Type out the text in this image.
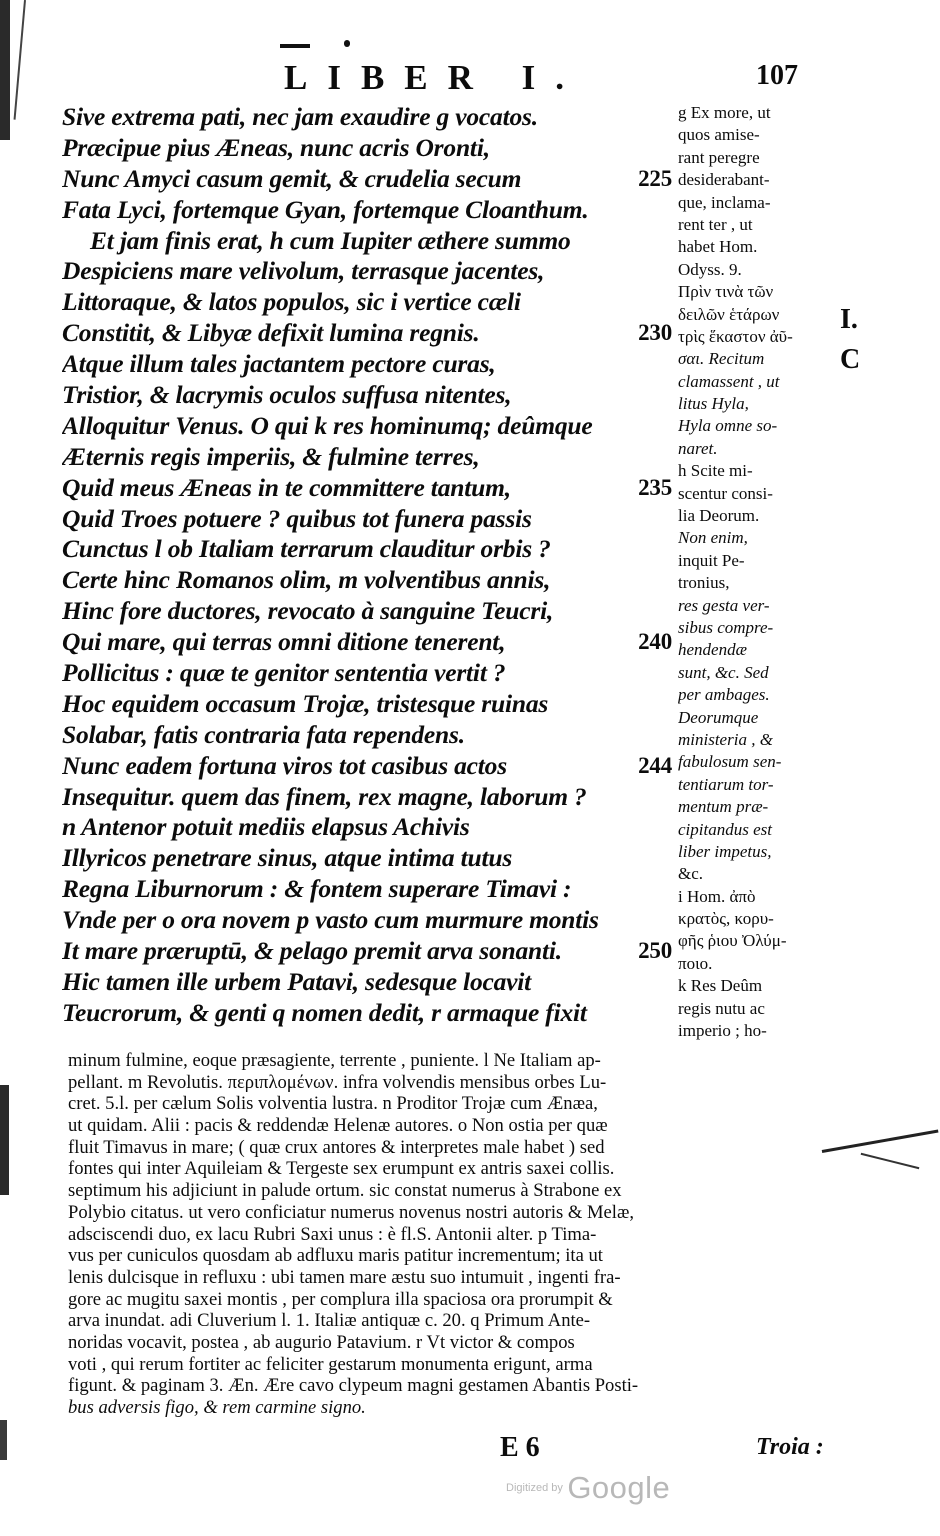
LIBER I.	107
Sive extrema pati, nec jam exaudire g vocatos.
Præcipue pius Æneas, nunc acris Oronti,
Nunc Amyci casum gemit, & crudelia secum	225
Fata Lyci, fortemque Gyan, fortemque Cloanthum.
Et jam finis erat, h cum Iupiter æthere summo
Despiciens mare velivolum, terrasque jacentes,
Littoraque, & latos populos, sic i vertice cæli
Constitit, & Libyæ defixit lumina regnis.	230
Atque illum tales jactantem pectore curas,
Tristior, & lacrymis oculos suffusa nitentes,
Alloquitur Venus. O qui k res hominumq; deûmque
Æternis regis imperiis, & fulmine terres,
Quid meus Æneas in te committere tantum,	235
Quid Troes potuere ? quibus tot funera passis
Cunctus l ob Italiam terrarum clauditur orbis ?
Certe hinc Romanos olim, m volventibus annis,
Hinc fore ductores, revocato à sanguine Teucri,
Qui mare, qui terras omni ditione tenerent,	240
Pollicitus : quæ te genitor sententia vertit ?
Hoc equidem occasum Trojæ, tristesque ruinas
Solabar, fatis contraria fata rependens.
Nunc eadem fortuna viros tot casibus actos	244
Insequitur. quem das finem, rex magne, laborum ?
n Antenor potuit mediis elapsus Achivis
Illyricos penetrare sinus, atque intima tutus
Regna Liburnorum : & fontem superare Timavi :
Vnde per o ora novem p vasto cum murmure montis
It mare præruptū, & pelago premit arva sonanti.	250
Hic tamen ille urbem Patavi, sedesque locavit
Teucrorum, & genti q nomen dedit, r armaque fixit
g Ex more, ut
quos amise-
rant peregre
desiderabant-
que, inclama-
rent ter , ut
habet Hom.
Odyss. 9.
Πρὶν τινὰ τῶν
δειλῶν ἑτάρων
τρὶς ἕκαστον ἀῦ-
σαι. Recitum
clamassent , ut
litus Hyla,
Hyla omne so-
naret.
h Scite mi-
scentur consi-
lia Deorum.
Non enim,
inquit Pe-
tronius,
res gesta ver-
sibus compre-
hendendæ
sunt, &c. Sed
per ambages.
Deorumque
ministeria , &
fabulosum sen-
tentiarum tor-
mentum præ-
cipitandus est
liber impetus,
&c.
i Hom. ἀπὸ
κρατὸς, κορυ-
φῆς ῥιου Ὀλύμ-
ποιο.
k Res Deûm
regis nutu ac
imperio ; ho-
I.
C
minum fulmine, eoque præsagiente, terrente , puniente. l Ne Italiam ap-
pellant. m Revolutis. περιπλομένων. infra volvendis mensibus orbes Lu-
cret. 5.l. per cælum Solis volventia lustra. n Proditor Trojæ cum Ænæa,
ut quidam. Alii : pacis & reddendæ Helenæ autores. o Non ostia per quæ
fluit Timavus in mare; ( quæ crux antores & interpretes male habet ) sed
fontes qui inter Aquileiam & Tergeste sex erumpunt ex antris saxei collis.
septimum his adjiciunt in palude ortum. sic constat numerus à Strabone ex
Polybio citatus. ut vero conficiatur numerus novenus nostri autoris & Melæ,
adsciscendi duo, ex lacu Rubri Saxi unus : è fl.S. Antonii alter. p Tima-
vus per cuniculos quosdam ab adfluxu maris patitur incrementum; ita ut
lenis dulcisque in refluxu : ubi tamen mare æstu suo intumuit , ingenti fra-
gore ac mugitu saxei montis , per complura illa spaciosa ora prorumpit &
arva inundat. adi Cluverium l. 1. Italiæ antiquæ c. 20. q Primum Ante-
noridas vocavit, postea , ab augurio Patavium. r Vt victor & compos
voti , qui rerum fortiter ac feliciter gestarum monumenta erigunt, arma
figunt. & paginam 3. Æn. Ære cavo clypeum magni gestamen Abantis Posti-
bus adversis figo, & rem carmine signo.
E 6	Troia :
Digitized by Google
